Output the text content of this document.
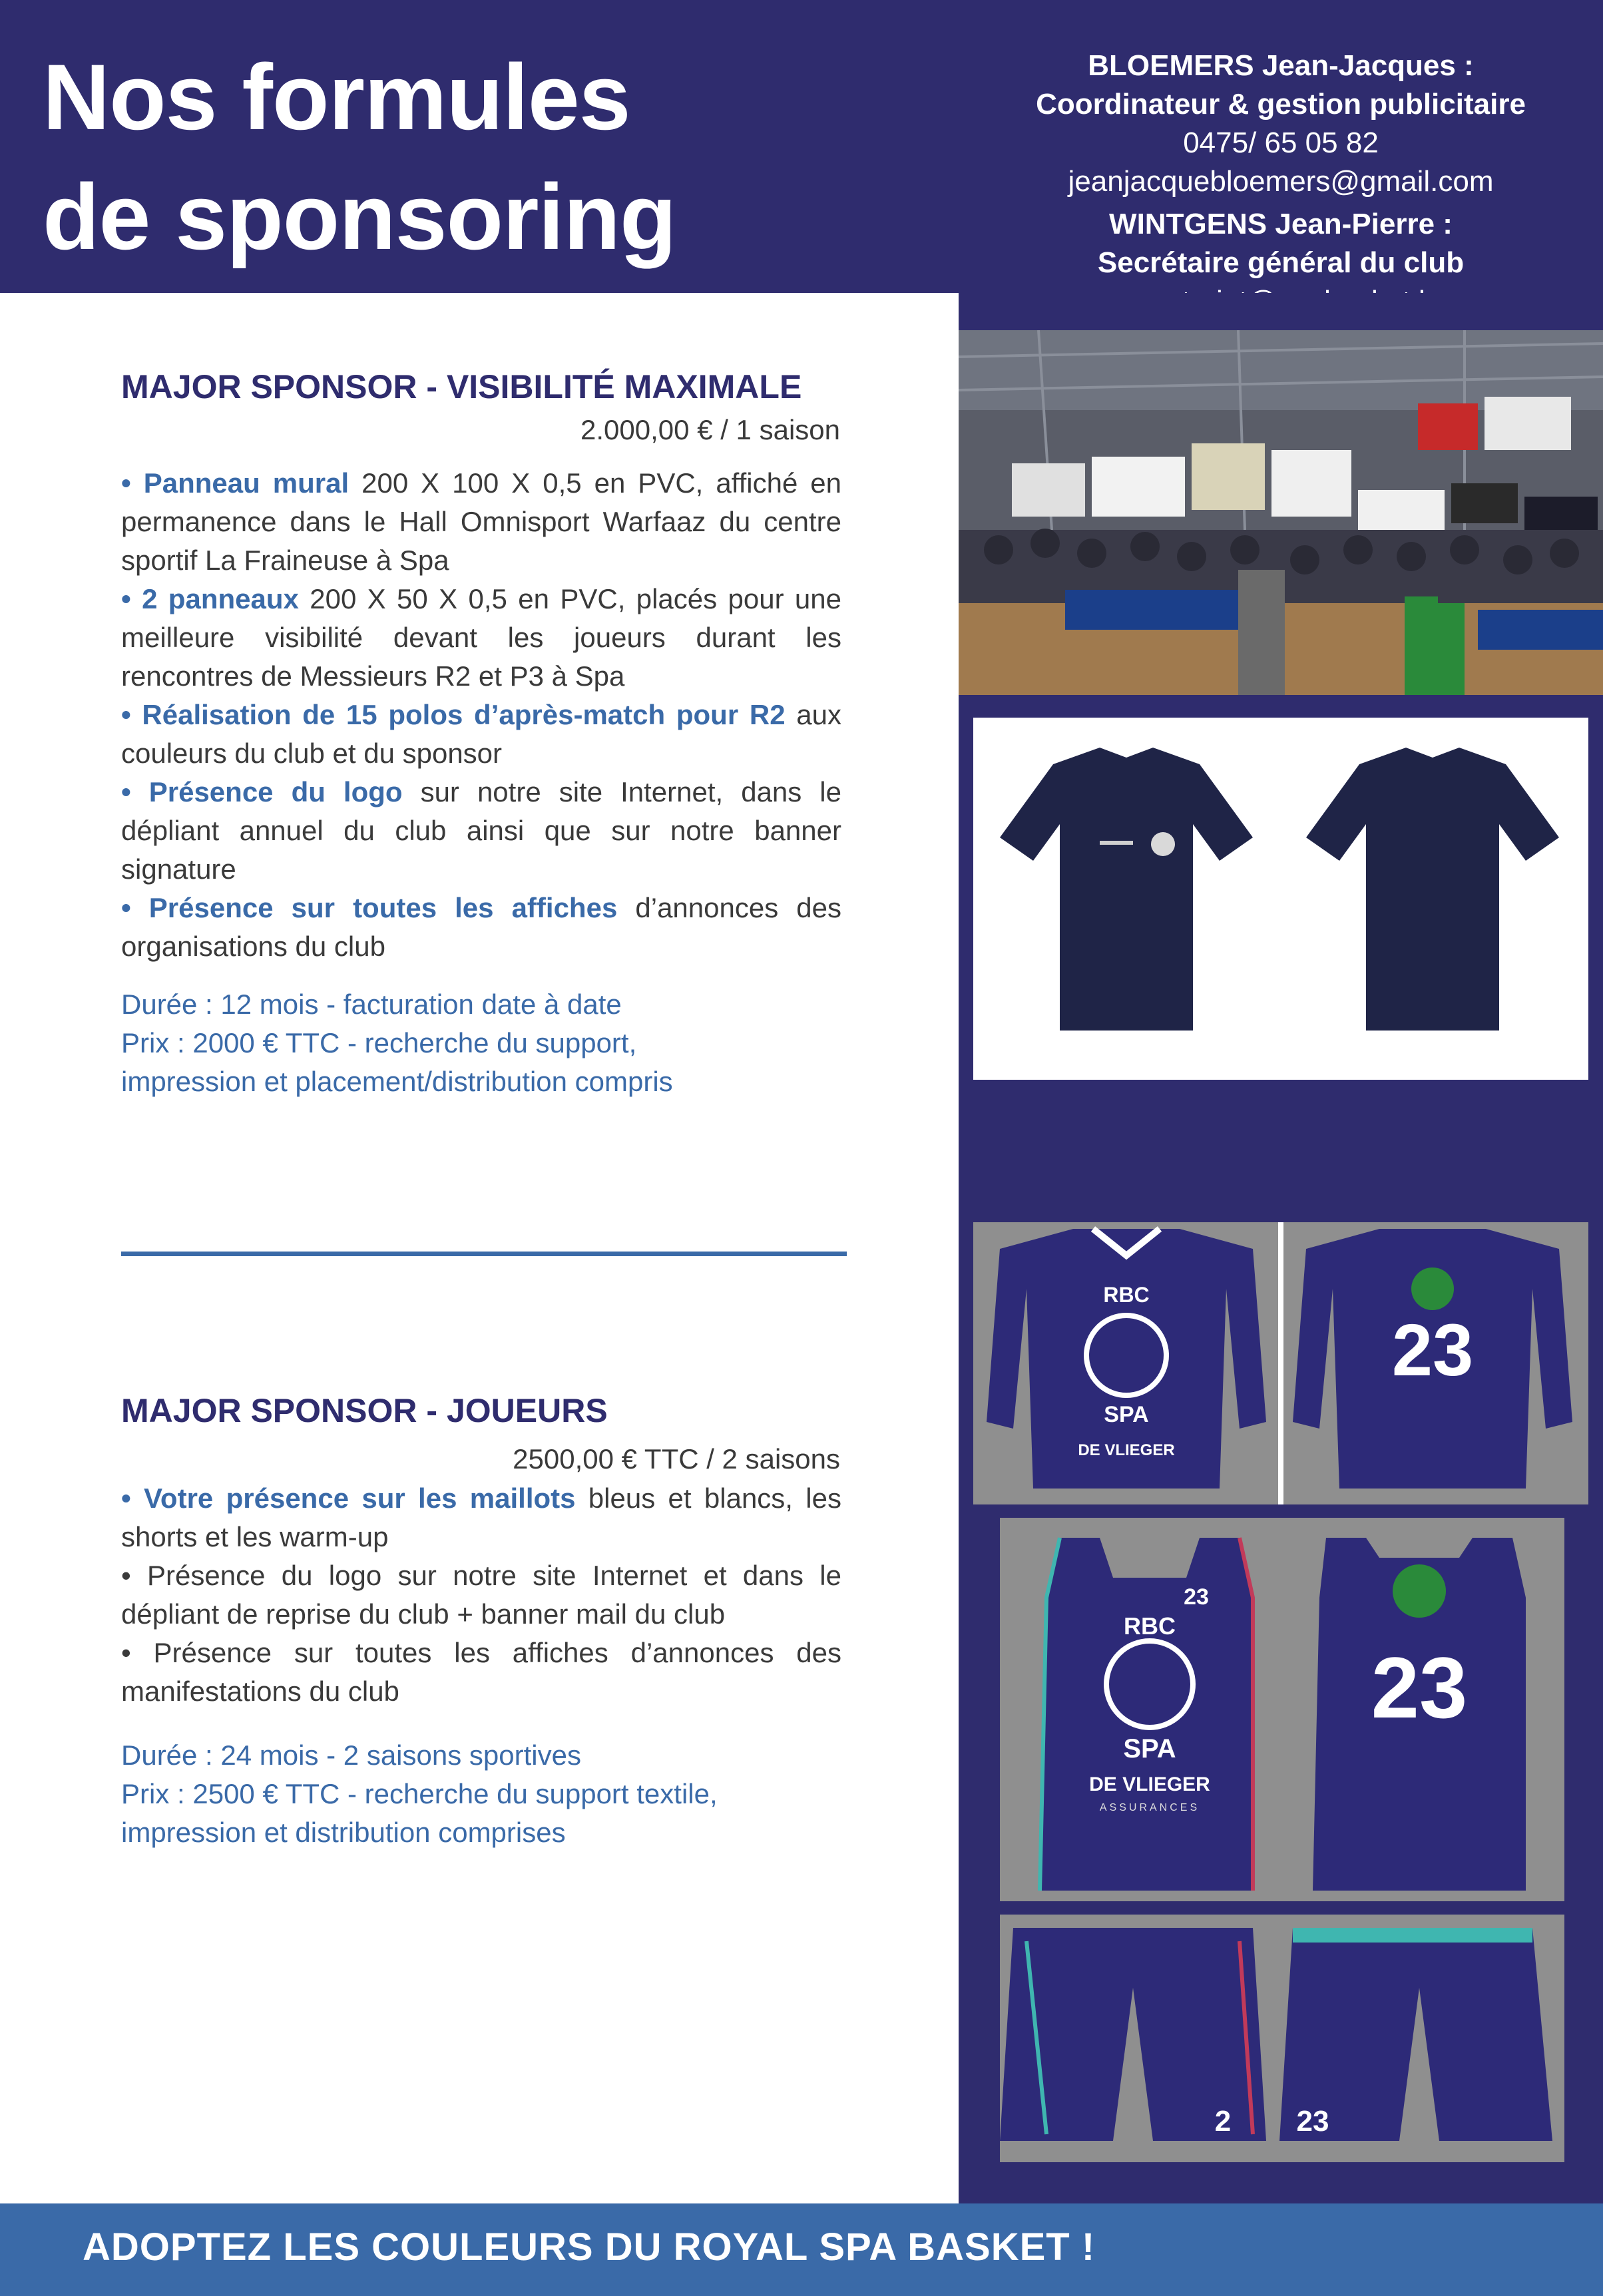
Nos formules
de sponsoring
BLOEMERS Jean-Jacques :
Coordinateur & gestion publicitaire
0475/ 65 05 82
jeanjacquebloemers@gmail.com
WINTGENS Jean-Pierre :
Secrétaire général du club
RBC
SPA
DE VLIEGER
23
23
RBC
SPA
DE VLIEGER
ASSURANCES
23
2 23
MAJOR SPONSOR - VISIBILITÉ MAXIMALE
2.000,00 € / 1 saison
• Panneau mural 200 X 100 X 0,5 en PVC, affiché en permanence dans le Hall Omnisport Warfaaz du centre sportif La Fraineuse à Spa
• 2 panneaux 200 X 50 X 0,5 en PVC, placés pour une meilleure visibilité devant les joueurs durant les rencontres de Messieurs R2 et P3 à Spa
• Réalisation de 15 polos d’après-match pour R2 aux couleurs du club et du sponsor
• Présence du logo sur notre site Internet, dans le dépliant annuel du club ainsi que sur notre banner signature
• Présence sur toutes les affiches d’annonces des organisations du club
Durée : 12 mois - facturation date à date
Prix : 2000 € TTC - recherche du support,
impression et placement/distribution compris
MAJOR SPONSOR - JOUEURS
2500,00 € TTC / 2 saisons
• Votre présence sur les maillots bleus et blancs, les shorts et les warm-up
• Présence du logo sur notre site Internet et dans le dépliant de reprise du club + banner mail du club
• Présence sur toutes les affiches d’annonces des manifestations du club
Durée : 24 mois - 2 saisons sportives
Prix : 2500 € TTC - recherche du support textile,
impression et distribution comprises
ADOPTEZ LES COULEURS DU ROYAL SPA BASKET !
